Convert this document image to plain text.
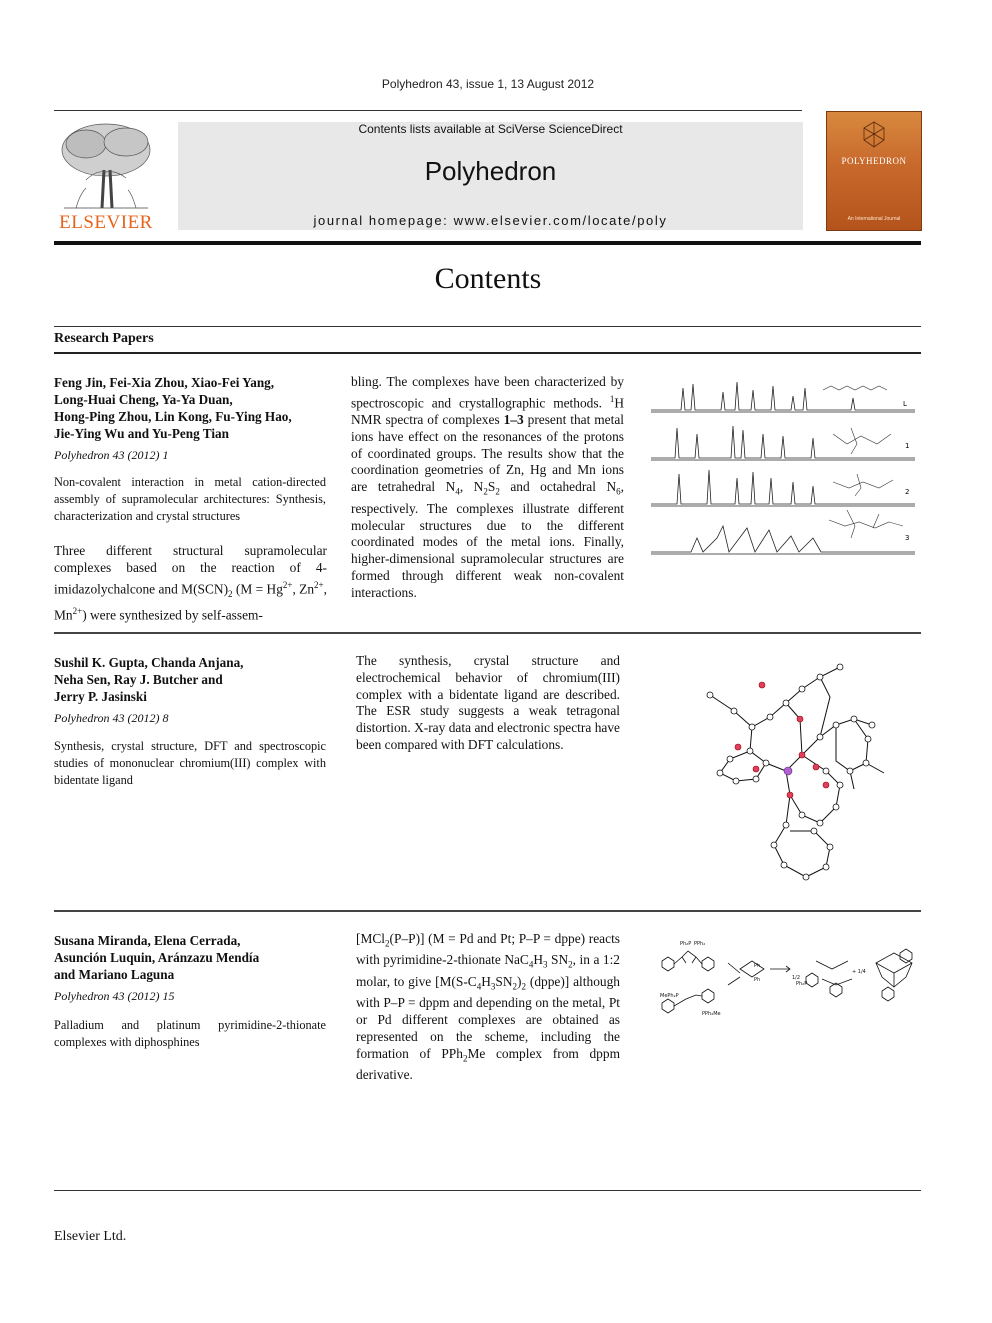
Polyhedron 43, issue 1, 13 August 2012
ELSEVIER
Contents lists available at SciVerse ScienceDirect
Polyhedron
journal homepage: www.elsevier.com/locate/poly
POLYHEDRON
An International Journal
Contents
Research Papers
Feng Jin, Fei-Xia Zhou, Xiao-Fei Yang,
Long-Huai Cheng, Ya-Ya Duan,
Hong-Ping Zhou, Lin Kong, Fu-Ying Hao,
Jie-Ying Wu and Yu-Peng Tian
Polyhedron 43 (2012) 1
Non-covalent interaction in metal cation-directed assembly of supramolecular architectures: Synthesis, characterization and crystal structures
Three different structural supramolecular complexes based on the reaction of 4-imidazolychalcone and $M(SCN)_2$ ($M = Hg^{2+}$, $Zn^{2+}$, $Mn^{2+}$) were synthesized by self-assem-
bling. The complexes have been characterized by spectroscopic and crystallographic methods. $^1$H NMR spectra of complexes 1–3 present that metal ions have effect on the resonances of the protons of coordinated groups. The results show that the coordination geometries of Zn, Hg and Mn ions are tetrahedral $N_4$, $N_2S_2$ and octahedral $N_6$, respectively. The complexes illustrate different molecular structures due to the different coordinated modes of the metal ions. Finally, higher-dimensional supramolecular structures are formed through different weak non-covalent interactions.
L
1
2
3
Sushil K. Gupta, Chanda Anjana,
Neha Sen, Ray J. Butcher and
Jerry P. Jasinski
Polyhedron 43 (2012) 8
Synthesis, crystal structure, DFT and spectroscopic studies of mononuclear chromium(III) complex with bidentate ligand
The synthesis, crystal structure and electrochemical behavior of chromium(III) complex with a bidentate ligand are described. The ESR study suggests a weak tetragonal distortion. X-ray data and electronic spectra have been compared with DFT calculations.
Susana Miranda, Elena Cerrada,
Asunción Luquin, Aránzazu Mendía
and Mariano Laguna
Polyhedron 43 (2012) 15
Palladium and platinum pyrimidine-2-thionate complexes with diphosphines
[MCl$_2$(P–P)] (M = Pd and Pt; P–P = dppe) reacts with pyrimidine-2-thionate $NaC_4H_3$ $SN_2$, in a 1:2 molar, to give [$M(S-C_4H_3SN_2)_2$ (dppe)] although with P–P = dppm and depending on the metal, Pt or Pd different complexes are obtained as represented on the scheme, including the formation of PPh$_2$Me complex from dppm derivative.
Ph₂P PPh₂
MePh₂P
PPh₂Me
Ph
Ph	1/2
Ph₂P
+ 1/4
Elsevier Ltd.
